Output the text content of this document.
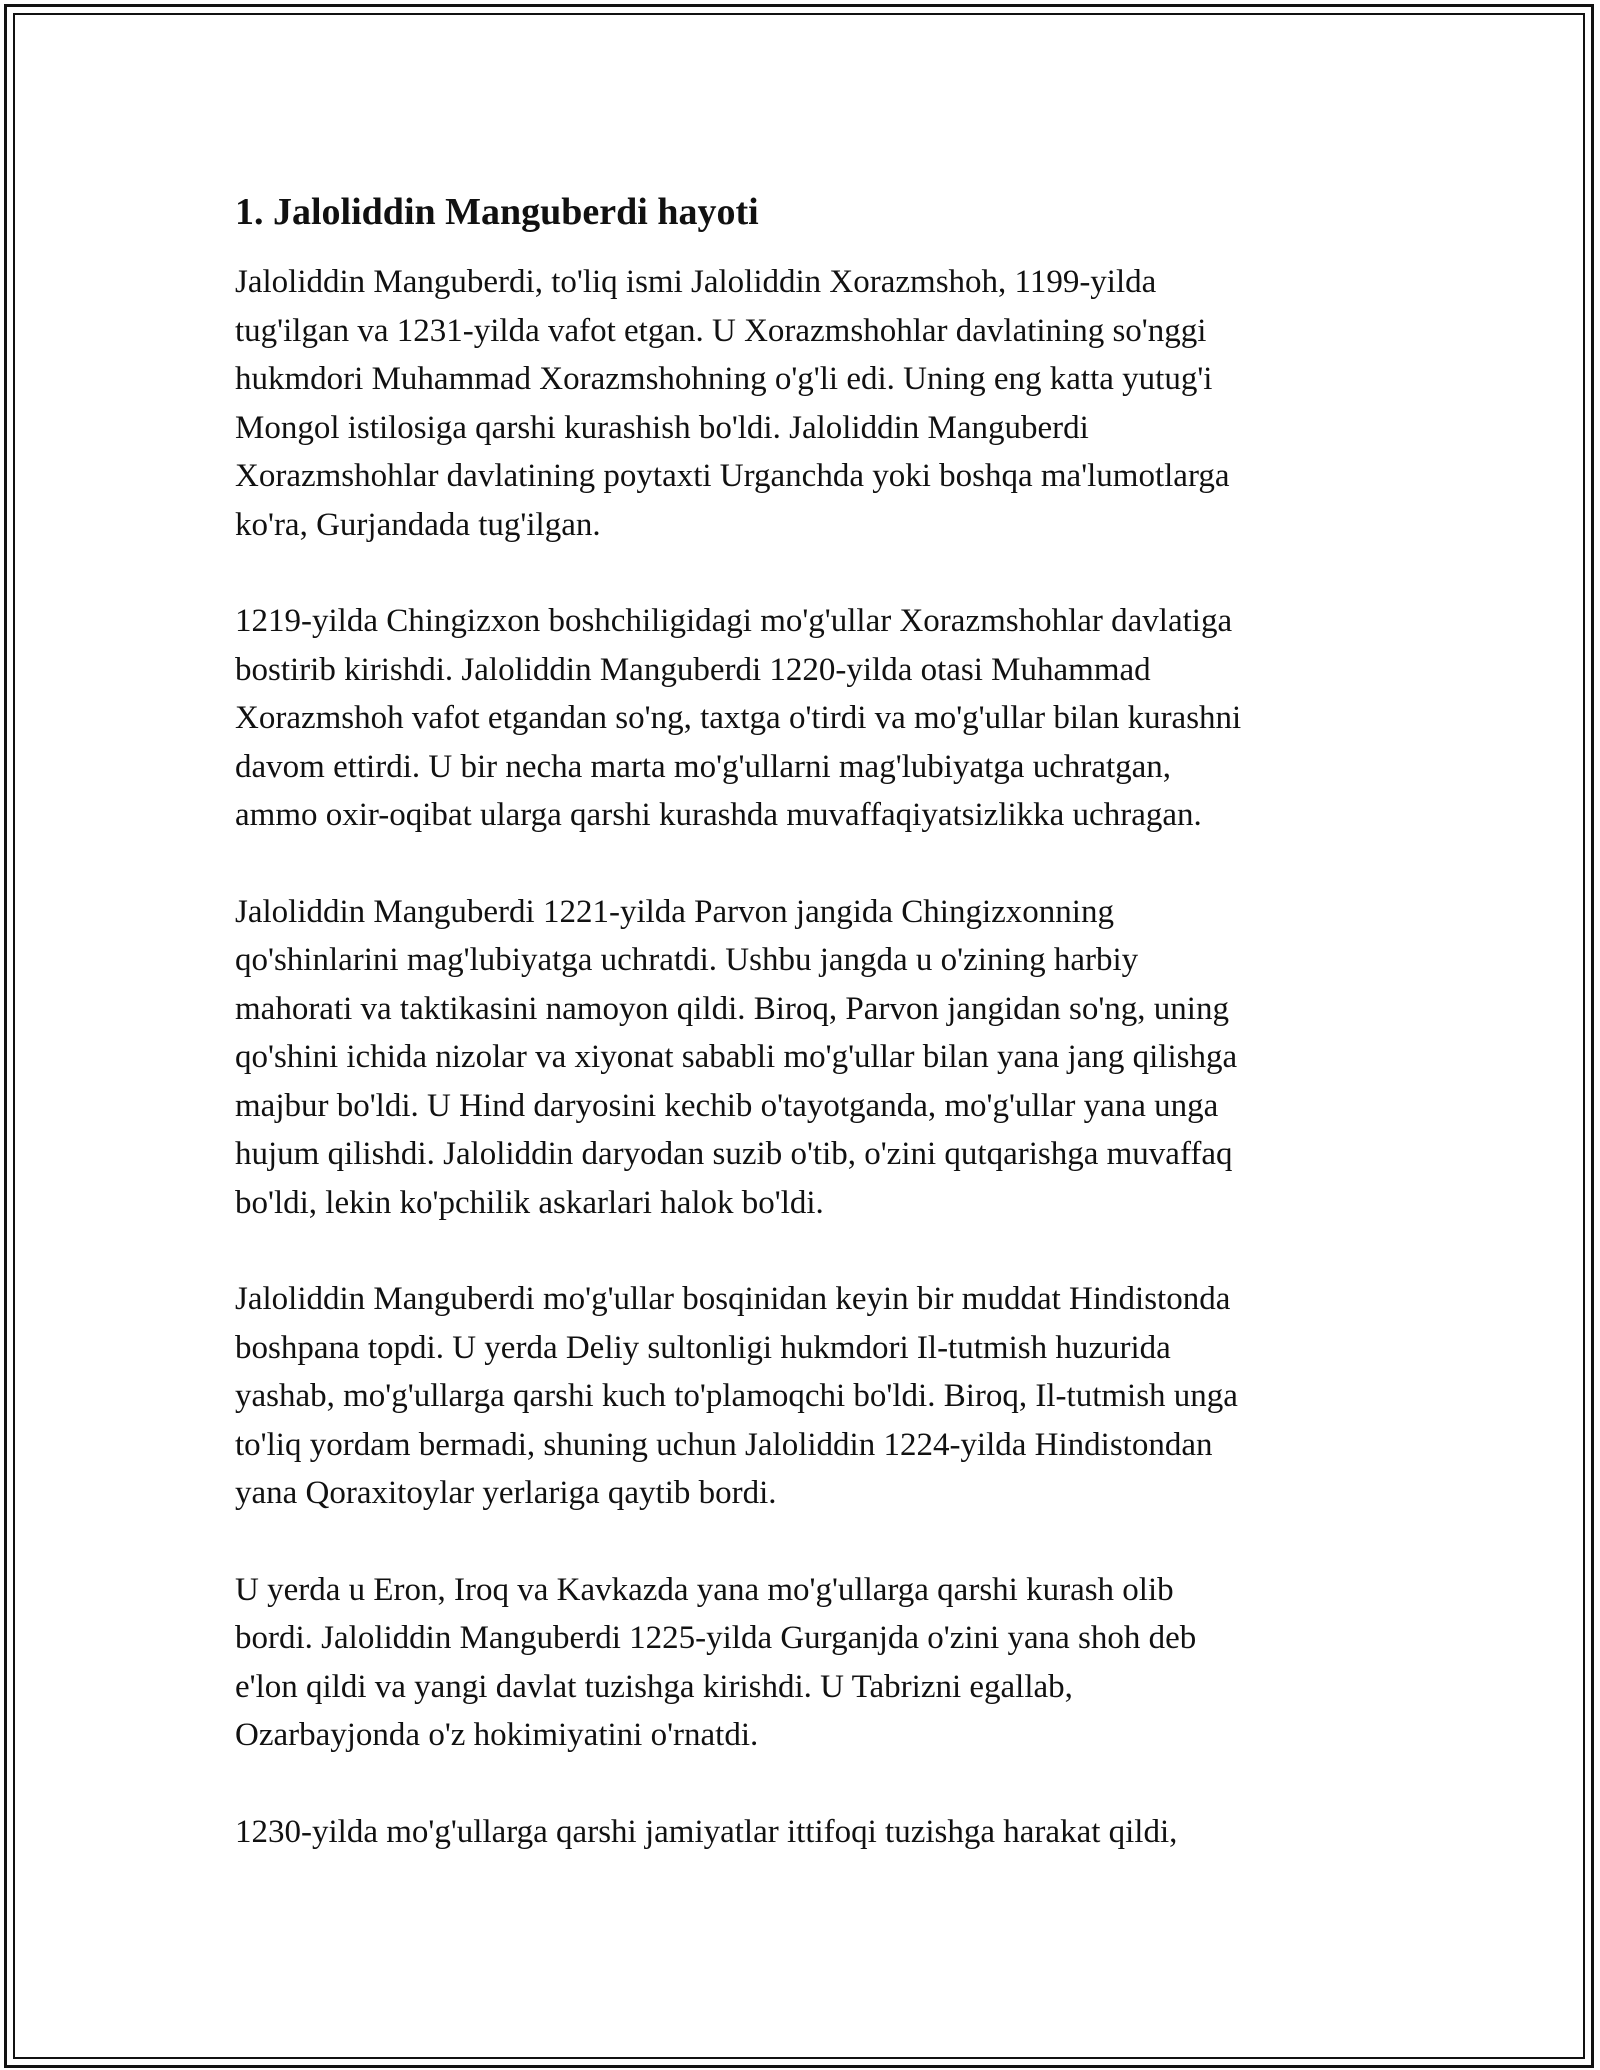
1. Jaloliddin Manguberdi hayoti

Jaloliddin Manguberdi, to'liq ismi Jaloliddin Xorazmshoh, 1199-yilda
tug'ilgan va 1231-yilda vafot etgan. U Xorazmshohlar davlatining so'nggi
hukmdori Muhammad Xorazmshohning o'g'li edi. Uning eng katta yutug'i
Mongol istilosiga qarshi kurashish bo'ldi. Jaloliddin Manguberdi
Xorazmshohlar davlatining poytaxti Urganchda yoki boshqa ma'lumotlarga
ko'ra, Gurjandada tug'ilgan.

1219-yilda Chingizxon boshchiligidagi mo'g'ullar Xorazmshohlar davlatiga
bostirib kirishdi. Jaloliddin Manguberdi 1220-yilda otasi Muhammad
Xorazmshoh vafot etgandan so'ng, taxtga o'tirdi va mo'g'ullar bilan kurashni
davom ettirdi. U bir necha marta mo'g'ullarni mag'lubiyatga uchratgan,
ammo oxir-oqibat ularga qarshi kurashda muvaffaqiyatsizlikka uchragan.

Jaloliddin Manguberdi 1221-yilda Parvon jangida Chingizxonning
qo'shinlarini mag'lubiyatga uchratdi. Ushbu jangda u o'zining harbiy
mahorati va taktikasini namoyon qildi. Biroq, Parvon jangidan so'ng, uning
qo'shini ichida nizolar va xiyonat sababli mo'g'ullar bilan yana jang qilishga
majbur bo'ldi. U Hind daryosini kechib o'tayotganda, mo'g'ullar yana unga
hujum qilishdi. Jaloliddin daryodan suzib o'tib, o'zini qutqarishga muvaffaq
bo'ldi, lekin ko'pchilik askarlari halok bo'ldi.

Jaloliddin Manguberdi mo'g'ullar bosqinidan keyin bir muddat Hindistonda
boshpana topdi. U yerda Deliy sultonligi hukmdori Il-tutmish huzurida
yashab, mo'g'ullarga qarshi kuch to'plamoqchi bo'ldi. Biroq, Il-tutmish unga
to'liq yordam bermadi, shuning uchun Jaloliddin 1224-yilda Hindistondan
yana Qoraxitoylar yerlariga qaytib bordi.

U yerda u Eron, Iroq va Kavkazda yana mo'g'ullarga qarshi kurash olib
bordi. Jaloliddin Manguberdi 1225-yilda Gurganjda o'zini yana shoh deb
e'lon qildi va yangi davlat tuzishga kirishdi. U Tabrizni egallab,
Ozarbayjonda o'z hokimiyatini o'rnatdi.

1230-yilda mo'g'ullarga qarshi jamiyatlar ittifoqi tuzishga harakat qildi,
